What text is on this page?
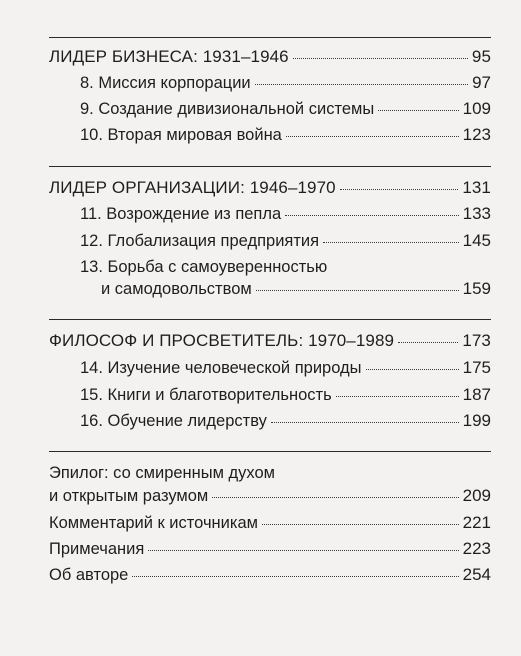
ЛИДЕР БИЗНЕСА: 1931–1946	95
8. Миссия корпорации	97
9. Создание дивизиональной системы	109
10. Вторая мировая война	123
ЛИДЕР ОРГАНИЗАЦИИ: 1946–1970	131
11. Возрождение из пепла	133
12. Глобализация предприятия	145
13. Борьба с самоуверенностью
и самодовольством	159
ФИЛОСОФ И ПРОСВЕТИТЕЛЬ: 1970–1989	173
14. Изучение человеческой природы	175
15. Книги и благотворительность	187
16. Обучение лидерству	199
Эпилог: со смиренным духом
и открытым разумом	209
Комментарий к источникам	221
Примечания	223
Об авторе	254
